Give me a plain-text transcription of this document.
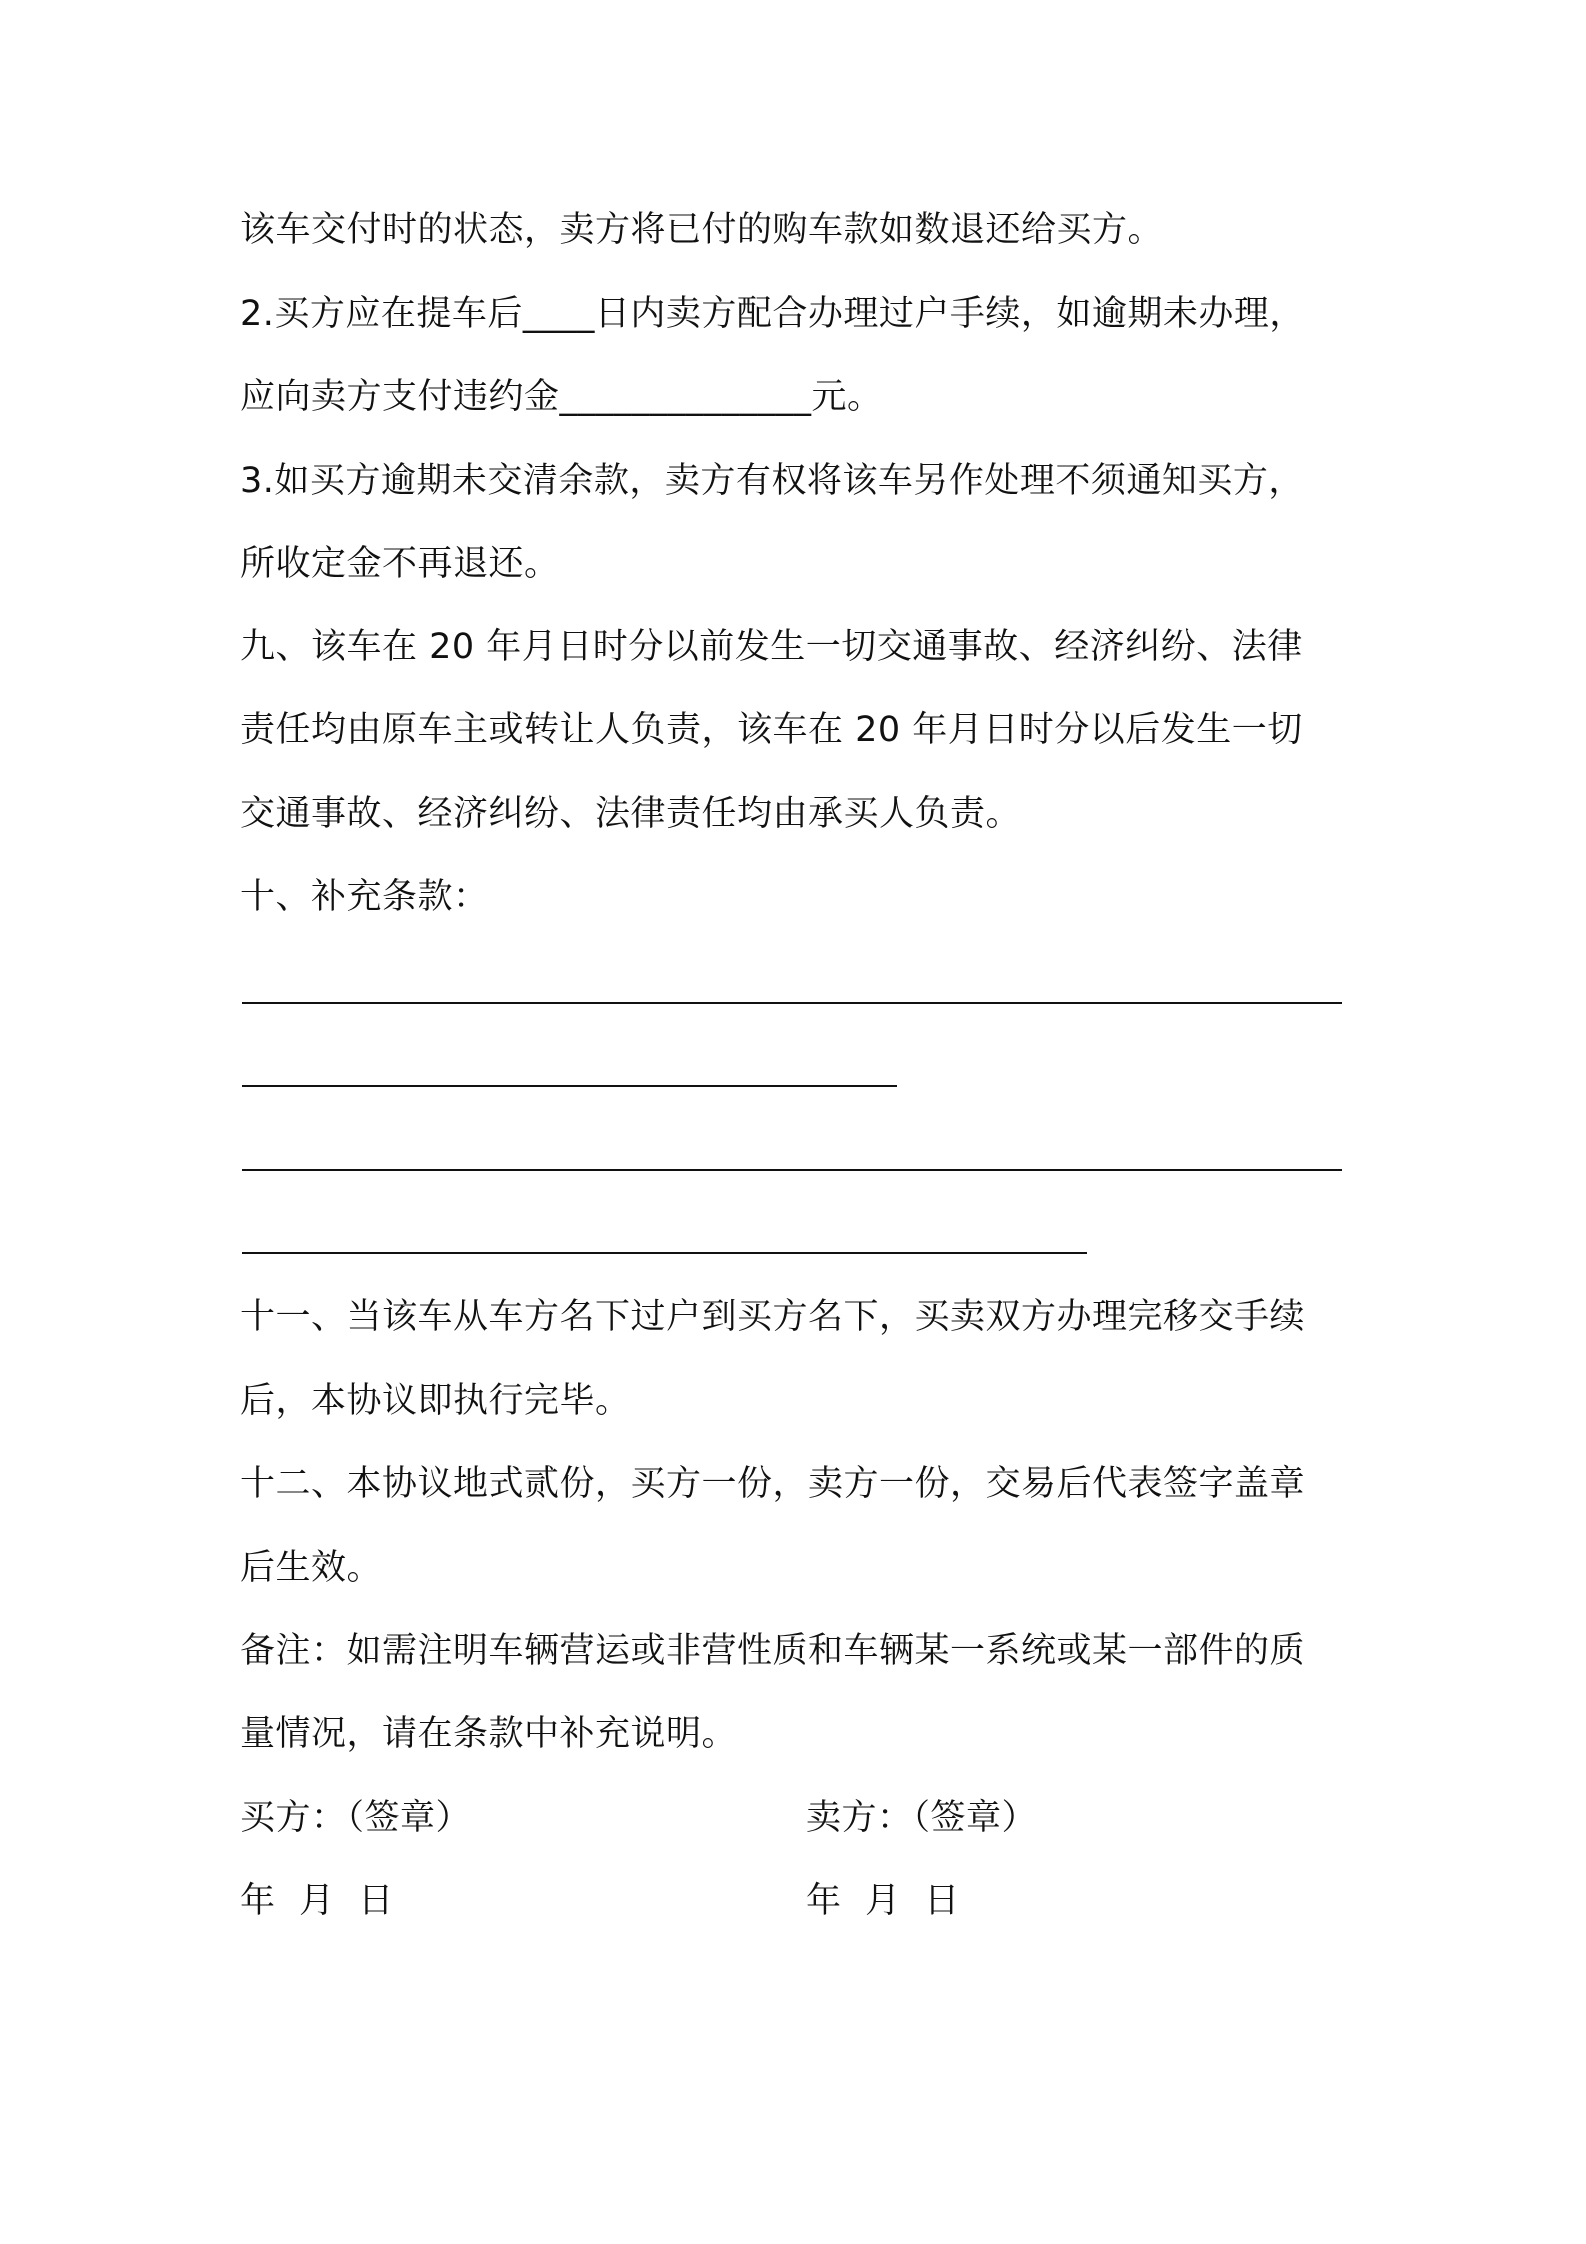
该车交付时的状态，卖方将已付的购车款如数退还给买方。
2.买方应在提车后____日内卖方配合办理过户手续，如逾期未办理，
应向卖方支付违约金______________元。
3.如买方逾期未交清余款，卖方有权将该车另作处理不须通知买方，
所收定金不再退还。
九、该车在 20 年月日时分以前发生一切交通事故、经济纠纷、法律
责任均由原车主或转让人负责，该车在 20 年月日时分以后发生一切
交通事故、经济纠纷、法律责任均由承买人负责。
十、补充条款：
十一、当该车从车方名下过户到买方名下，买卖双方办理完移交手续
后，本协议即执行完毕。
十二、本协议地式贰份，买方一份，卖方一份，交易后代表签字盖章
后生效。
备注：如需注明车辆营运或非营性质和车辆某一系统或某一部件的质
量情况，请在条款中补充说明。
买方：（签章）	卖方：（签章）
年 月 日	年 月 日
